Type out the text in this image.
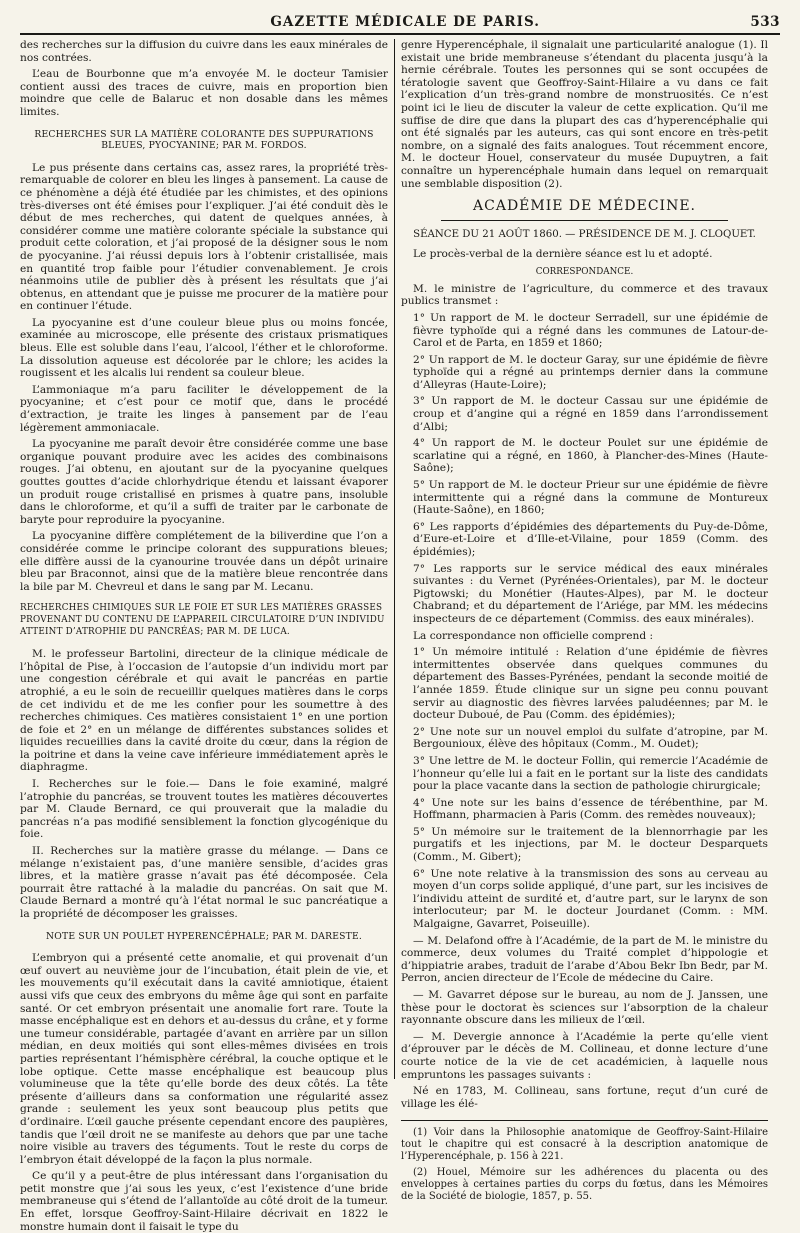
GAZETTE MÉDICALE DE PARIS.	533

des recherches sur la diffusion du cuivre dans les eaux minérales de nos contrées.

L’eau de Bourbonne que m’a envoyée M. le docteur Tamisier contient aussi des traces de cuivre, mais en proportion bien moindre que celle de Balaruc et non dosable dans les mêmes limites.

RECHERCHES SUR LA MATIÈRE COLORANTE DES SUPPURATIONS BLEUES, PYOCYANINE; PAR M. FORDOS.

Le pus présente dans certains cas, assez rares, la propriété très-remarquable de colorer en bleu les linges à pansement. La cause de ce phénomène a déjà été étudiée par les chimistes, et des opinions très-diverses ont été émises pour l’expliquer. J’ai été conduit dès le début de mes recherches, qui datent de quelques années, à considérer comme une matière colorante spéciale la substance qui produit cette coloration, et j’ai proposé de la désigner sous le nom de pyocyanine. J’ai réussi depuis lors à l’obtenir cristallisée, mais en quantité trop faible pour l’étudier convenablement. Je crois néanmoins utile de publier dès à présent les résultats que j’ai obtenus, en attendant que je puisse me procurer de la matière pour en continuer l’étude.

La pyocyanine est d’une couleur bleue plus ou moins foncée, examinée au microscope, elle présente des cristaux prismatiques bleus. Elle est soluble dans l’eau, l’alcool, l’éther et le chloroforme. La dissolution aqueuse est décolorée par le chlore; les acides la rougissent et les alcalis lui rendent sa couleur bleue.

L’ammoniaque m’a paru faciliter le développement de la pyocyanine; et c’est pour ce motif que, dans le procédé d’extraction, je traite les linges à pansement par de l’eau légèrement ammoniacale.

La pyocyanine me paraît devoir être considérée comme une base organique pouvant produire avec les acides des combinaisons rouges. J’ai obtenu, en ajoutant sur de la pyocyanine quelques gouttes gouttes d’acide chlorhydrique étendu et laissant évaporer un produit rouge cristallisé en prismes à quatre pans, insoluble dans le chloroforme, et qu’il a suffi de traiter par le carbonate de baryte pour reproduire la pyocyanine.

La pyocyanine diffère complétement de la biliverdine que l’on a considérée comme le principe colorant des suppurations bleues; elle diffère aussi de la cyanourine trouvée dans un dépôt urinaire bleu par Braconnot, ainsi que de la matière bleue rencontrée dans la bile par M. Chevreul et dans le sang par M. Lecanu.

RECHERCHES CHIMIQUES SUR LE FOIE ET SUR LES MATIÈRES GRASSES PROVENANT DU CONTENU DE L’APPAREIL CIRCULATOIRE D’UN INDIVIDU ATTEINT D’ATROPHIE DU PANCRÉAS; PAR M. DE LUCA.

M. le professeur Bartolini, directeur de la clinique médicale de l’hôpital de Pise, à l’occasion de l’autopsie d’un individu mort par une congestion cérébrale et qui avait le pancréas en partie atrophié, a eu le soin de recueillir quelques matières dans le corps de cet individu et de me les confier pour les soumettre à des recherches chimiques. Ces matières consistaient 1° en une portion de foie et 2° en un mélange de différentes substances solides et liquides recueillies dans la cavité droite du cœur, dans la région de la poitrine et dans la veine cave inférieure immédiatement après le diaphragme.

I. Recherches sur le foie.— Dans le foie examiné, malgré l’atrophie du pancréas, se trouvent toutes les matières découvertes par M. Claude Bernard, ce qui prouverait que la maladie du pancréas n’a pas modifié sensiblement la fonction glycogénique du foie.

II. Recherches sur la matière grasse du mélange. — Dans ce mélange n’existaient pas, d’une manière sensible, d’acides gras libres, et la matière grasse n’avait pas été décomposée. Cela pourrait être rattaché à la maladie du pancréas. On sait que M. Claude Bernard a montré qu’à l’état normal le suc pancréatique a la propriété de décomposer les graisses.

NOTE SUR UN POULET HYPERENCÉPHALE; PAR M. DARESTE.

L’embryon qui a présenté cette anomalie, et qui provenait d’un œuf ouvert au neuvième jour de l’incubation, était plein de vie, et les mouvements qu’il exécutait dans la cavité amniotique, étaient aussi vifs que ceux des embryons du même âge qui sont en parfaite santé. Or cet embryon présentait une anomalie fort rare. Toute la masse encéphalique est en dehors et au-dessus du crâne, et y forme une tumeur considérable, partagée d’avant en arrière par un sillon médian, en deux moitiés qui sont elles-mêmes divisées en trois parties représentant l’hémisphère cérébral, la couche optique et le lobe optique. Cette masse encéphalique est beaucoup plus volumineuse que la tête qu’elle borde des deux côtés. La tête présente d’ailleurs dans sa conformation une régularité assez grande : seulement les yeux sont beaucoup plus petits que d’ordinaire. L’œil gauche présente cependant encore des paupières, tandis que l’œil droit ne se manifeste au dehors que par une tache noire visible au travers des téguments. Tout le reste du corps de l’embryon était développé de la façon la plus normale.

Ce qu’il y a peut-être de plus intéressant dans l’organisation du petit monstre que j’ai sous les yeux, c’est l’existence d’une bride membraneuse qui s’étend de l’allantoïde au côté droit de la tumeur. En effet, lorsque Geoffroy-Saint-Hilaire décrivait en 1822 le monstre humain dont il faisait le type du

genre Hyperencéphale, il signalait une particularité analogue (1). Il existait une bride membraneuse s’étendant du placenta jusqu’à la hernie cérébrale. Toutes les personnes qui se sont occupées de tératologie savent que Geoffroy-Saint-Hilaire a vu dans ce fait l’explication d’un très-grand nombre de monstruosités. Ce n’est point ici le lieu de discuter la valeur de cette explication. Qu’il me suffise de dire que dans la plupart des cas d’hyperencéphalie qui ont été signalés par les auteurs, cas qui sont encore en très-petit nombre, on a signalé des faits analogues. Tout récemment encore, M. le docteur Houel, conservateur du musée Dupuytren, a fait connaître un hyperencéphale humain dans lequel on remarquait une semblable disposition (2).

ACADÉMIE DE MÉDECINE.
SÉANCE DU 21 AOÛT 1860. — PRÉSIDENCE DE M. J. CLOQUET.

Le procès-verbal de la dernière séance est lu et adopté.

CORRESPONDANCE.

M. le ministre de l’agriculture, du commerce et des travaux publics transmet :

1° Un rapport de M. le docteur Serradell, sur une épidémie de fièvre typhoïde qui a régné dans les communes de Latour-de-Carol et de Parta, en 1859 et 1860;

2° Un rapport de M. le docteur Garay, sur une épidémie de fièvre typhoïde qui a régné au printemps dernier dans la commune d’Alleyras (Haute-Loire);

3° Un rapport de M. le docteur Cassau sur une épidémie de croup et d’angine qui a régné en 1859 dans l’arrondissement d’Albi;

4° Un rapport de M. le docteur Poulet sur une épidémie de scarlatine qui a régné, en 1860, à Plancher-des-Mines (Haute-Saône);

5° Un rapport de M. le docteur Prieur sur une épidémie de fièvre intermittente qui a régné dans la commune de Montureux (Haute-Saône), en 1860;

6° Les rapports d’épidémies des départements du Puy-de-Dôme, d’Eure-et-Loire et d’Ille-et-Vilaine, pour 1859 (Comm. des épidémies);

7° Les rapports sur le service médical des eaux minérales suivantes : du Vernet (Pyrénées-Orientales), par M. le docteur Pigtowski; du Monétier (Hautes-Alpes), par M. le docteur Chabrand; et du département de l’Ariége, par MM. les médecins inspecteurs de ce département (Commiss. des eaux minérales).

La correspondance non officielle comprend :

1° Un mémoire intitulé : Relation d’une épidémie de fièvres intermittentes observée dans quelques communes du département des Basses-Pyrénées, pendant la seconde moitié de l’année 1859. Étude clinique sur un signe peu connu pouvant servir au diagnostic des fièvres larvées paludéennes; par M. le docteur Duboué, de Pau (Comm. des épidémies);

2° Une note sur un nouvel emploi du sulfate d’atropine, par M. Bergounioux, élève des hôpitaux (Comm., M. Oudet);

3° Une lettre de M. le docteur Follin, qui remercie l’Académie de l’honneur qu’elle lui a fait en le portant sur la liste des candidats pour la place vacante dans la section de pathologie chirurgicale;

4° Une note sur les bains d’essence de térébenthine, par M. Hoffmann, pharmacien à Paris (Comm. des remèdes nouveaux);

5° Un mémoire sur le traitement de la blennorrhagie par les purgatifs et les injections, par M. le docteur Desparquets (Comm., M. Gibert);

6° Une note relative à la transmission des sons au cerveau au moyen d’un corps solide appliqué, d’une part, sur les incisives de l’individu atteint de surdité et, d’autre part, sur le larynx de son interlocuteur; par M. le docteur Jourdanet (Comm. : MM. Malgaigne, Gavarret, Poiseuille).

— M. Delafond offre à l’Académie, de la part de M. le ministre du commerce, deux volumes du Traité complet d’hippologie et d’hippiatrie arabes, traduit de l’arabe d’Abou Bekr Ibn Bedr, par M. Perron, ancien directeur de l’Ecole de médecine du Caire.

— M. Gavarret dépose sur le bureau, au nom de J. Janssen, une thèse pour le doctorat ès sciences sur l’absorption de la chaleur rayonnante obscure dans les milieux de l’œil.

— M. Devergie annonce à l’Académie la perte qu’elle vient d’éprouver par le décès de M. Collineau, et donne lecture d’une courte notice de la vie de cet académicien, à laquelle nous empruntons les passages suivants :

Né en 1783, M. Collineau, sans fortune, reçut d’un curé de village les élé-

(1) Voir dans la Philosophie anatomique de Geoffroy-Saint-Hilaire tout le chapitre qui est consacré à la description anatomique de l’Hyperencéphale, p. 156 à 221.

(2) Houel, Mémoire sur les adhérences du placenta ou des enveloppes à certaines parties du corps du fœtus, dans les Mémoires de la Société de biologie, 1857, p. 55.
